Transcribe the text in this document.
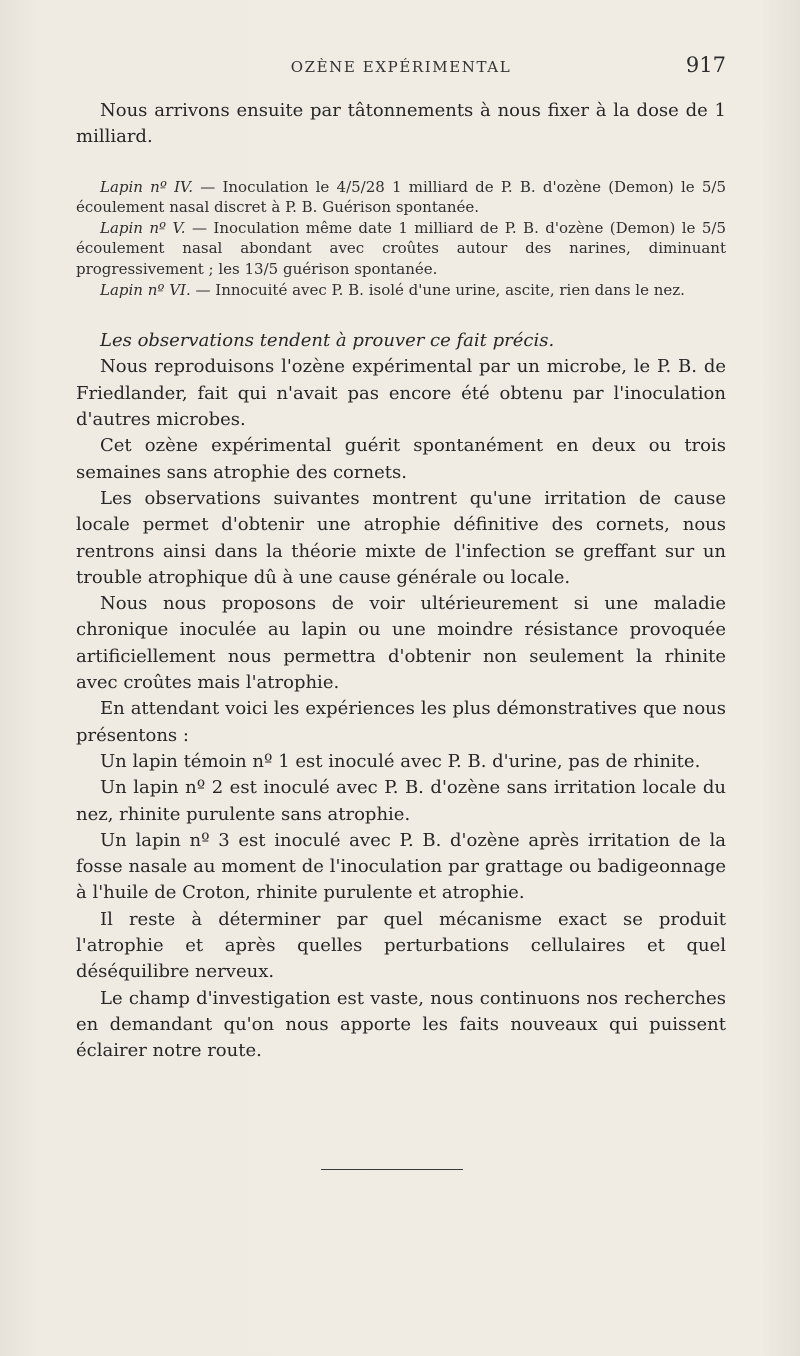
OZÈNE EXPÉRIMENTAL	917

Nous arrivons ensuite par tâtonnements à nous fixer à la dose de 1 milliard.

Lapin nº IV. — Inoculation le 4/5/28 1 milliard de P. B. d'ozène (Demon) le 5/5 écoulement nasal discret à P. B. Guérison spontanée.

Lapin nº V. — Inoculation même date 1 milliard de P. B. d'ozène (Demon) le 5/5 écoulement nasal abondant avec croûtes autour des narines, diminuant progressivement ; les 13/5 guérison spontanée.

Lapin nº VI. — Innocuité avec P. B. isolé d'une urine, ascite, rien dans le nez.

Les observations tendent à prouver ce fait précis.

Nous reproduisons l'ozène expérimental par un microbe, le P. B. de Friedlander, fait qui n'avait pas encore été obtenu par l'inoculation d'autres microbes.

Cet ozène expérimental guérit spontanément en deux ou trois semaines sans atrophie des cornets.

Les observations suivantes montrent qu'une irritation de cause locale permet d'obtenir une atrophie définitive des cornets, nous rentrons ainsi dans la théorie mixte de l'infection se greffant sur un trouble atrophique dû à une cause générale ou locale.

Nous nous proposons de voir ultérieurement si une maladie chronique inoculée au lapin ou une moindre résistance provoquée artificiellement nous permettra d'obtenir non seulement la rhinite avec croûtes mais l'atrophie.

En attendant voici les expériences les plus démonstratives que nous présentons :

Un lapin témoin nº 1 est inoculé avec P. B. d'urine, pas de rhinite.

Un lapin nº 2 est inoculé avec P. B. d'ozène sans irritation locale du nez, rhinite purulente sans atrophie.

Un lapin nº 3 est inoculé avec P. B. d'ozène après irritation de la fosse nasale au moment de l'inoculation par grattage ou badigeonnage à l'huile de Croton, rhinite purulente et atrophie.

Il reste à déterminer par quel mécanisme exact se produit l'atrophie et après quelles perturbations cellulaires et quel déséquilibre nerveux.

Le champ d'investigation est vaste, nous continuons nos recherches en demandant qu'on nous apporte les faits nouveaux qui puissent éclairer notre route.
